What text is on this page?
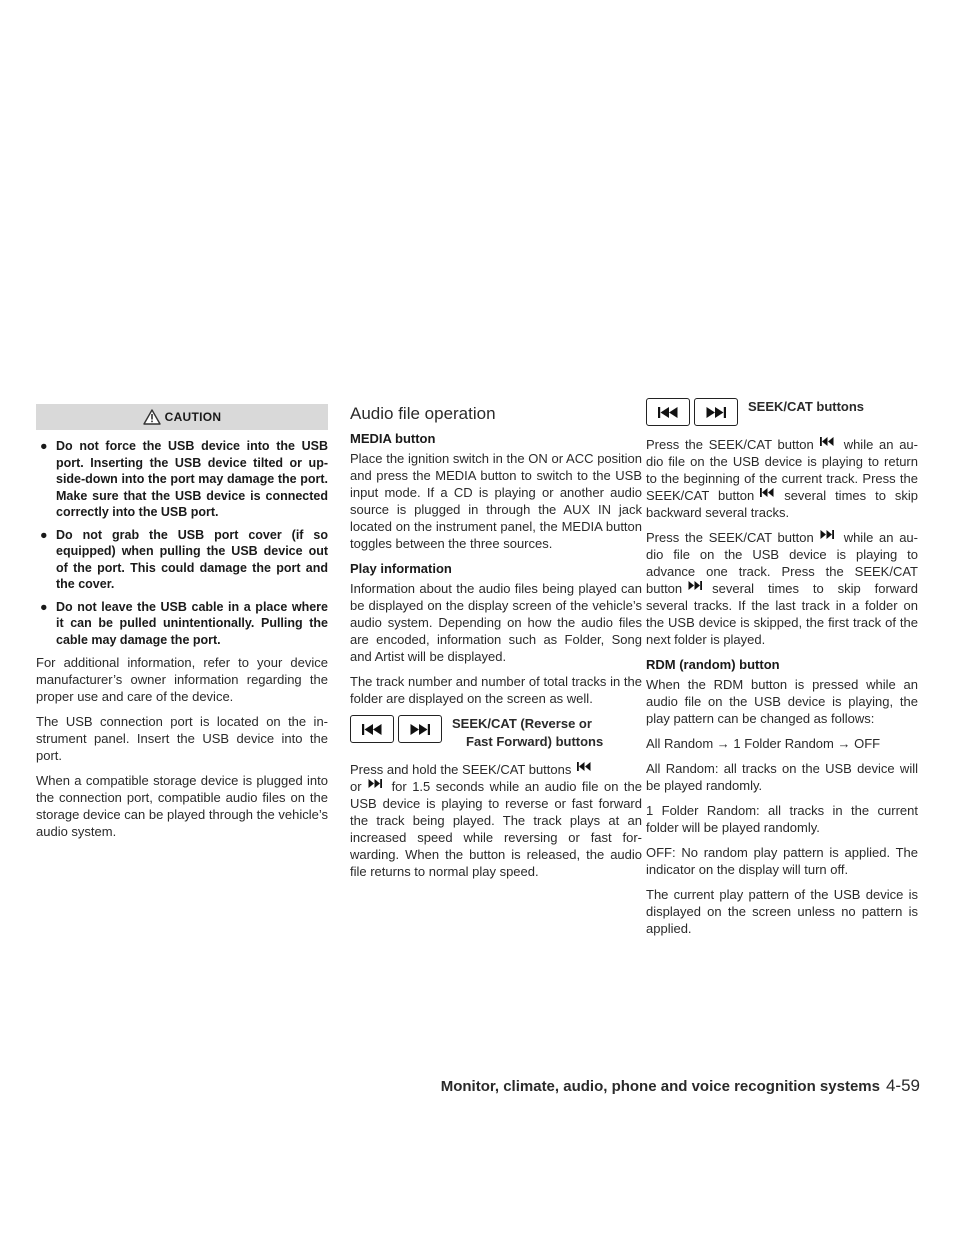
CAUTION
● Do not force the USB device into the USB port. Inserting the USB device tilted or up-side-down into the port may damage the port. Make sure that the USB device is connected correctly into the USB port.
● Do not grab the USB port cover (if so equipped) when pulling the USB device out of the port. This could damage the port and the cover.
● Do not leave the USB cable in a place where it can be pulled unintentionally. Pulling the cable may damage the port.

For additional information, refer to your device manufacturer’s owner information regarding the proper use and care of the device.

The USB connection port is located on the in-strument panel. Insert the USB device into the port.

When a compatible storage device is plugged into the connection port, compatible audio files on the storage device can be played through the vehicle’s audio system.

Audio file operation
MEDIA button

Place the ignition switch in the ON or ACC position and press the MEDIA button to switch to the USB input mode. If a CD is playing or another audio source is plugged in through the AUX IN jack located on the instrument panel, the MEDIA button toggles between the three sources.

Play information

Information about the audio files being played can be displayed on the display screen of the vehicle’s audio system. Depending on how the audio files are encoded, information such as Folder, Song and Artist will be displayed.

The track number and number of total tracks in the folder are displayed on the screen as well.

SEEK/CAT (Reverse or
Fast Forward) buttons

Press and hold the SEEK/CAT buttons
or for 1.5 seconds while an audio file on the USB device is playing to reverse or fast forward the track being played. The track plays at an increased speed while reversing or fast for-warding. When the button is released, the audio file returns to normal play speed.

SEEK/CAT buttons

Press the SEEK/CAT button while an au-dio file on the USB device is playing to return to the beginning of the current track. Press the SEEK/CAT button several times to skip backward several tracks.

Press the SEEK/CAT button while an au-dio file on the USB device is playing to advance one track. Press the SEEK/CAT button several times to skip forward several tracks. If the last track in a folder on the USB device is skipped, the first track of the next folder is played.

RDM (random) button

When the RDM button is pressed while an audio file on the USB device is playing, the play pattern can be changed as follows:

All Random → 1 Folder Random → OFF

All Random: all tracks on the USB device will be played randomly.

1 Folder Random: all tracks in the current folder will be played randomly.

OFF: No random play pattern is applied. The indicator on the display will turn off.

The current play pattern of the USB device is displayed on the screen unless no pattern is applied.

Monitor, climate, audio, phone and voice recognition systems 4-59
